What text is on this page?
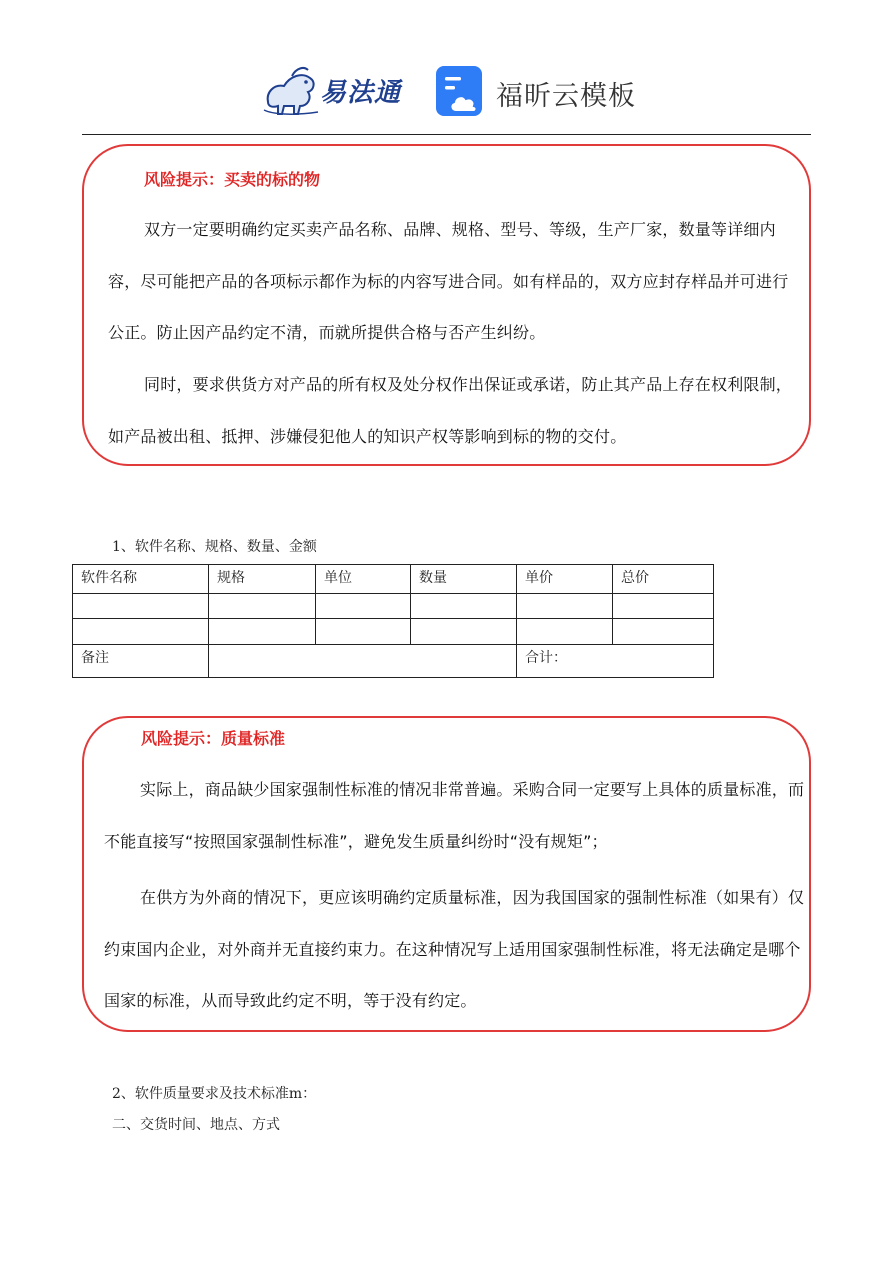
易法通	福昕云模板
风险提示：买卖的标的物

双方一定要明确约定买卖产品名称、品牌、规格、型号、等级，生产厂家，数量等详细内容，尽可能把产品的各项标示都作为标的内容写进合同。如有样品的，双方应封存样品并可进行公正。防止因产品约定不清，而就所提供合格与否产生纠纷。

同时，要求供货方对产品的所有权及处分权作出保证或承诺，防止其产品上存在权利限制，如产品被出租、抵押、涉嫌侵犯他人的知识产权等影响到标的物的交付。

1、软件名称、规格、数量、金额
软件名称	规格	单位	数量	单价	总价

备注				合计：	
风险提示：质量标准

实际上，商品缺少国家强制性标准的情况非常普遍。采购合同一定要写上具体的质量标准，而不能直接写“按照国家强制性标准”，避免发生质量纠纷时“没有规矩”；

在供方为外商的情况下，更应该明确约定质量标准，因为我国国家的强制性标准（如果有）仅约束国内企业，对外商并无直接约束力。在这种情况写上适用国家强制性标准，将无法确定是哪个国家的标准，从而导致此约定不明，等于没有约定。

2、软件质量要求及技术标准m：
二、交货时间、地点、方式
